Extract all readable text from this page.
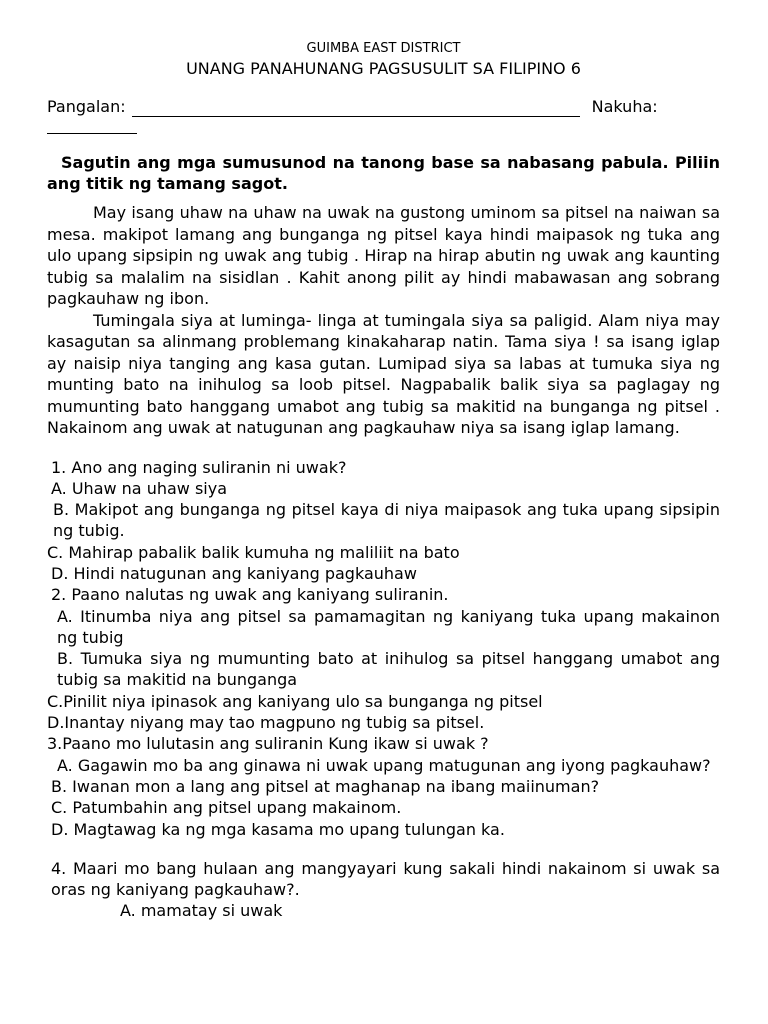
GUIMBA EAST DISTRICT
UNANG PANAHUNANG PAGSUSULIT SA FILIPINO 6
Pangalan:	Nakuha:
Sagutin ang mga sumusunod na tanong base sa nabasang pabula. Piliin ang titik ng tamang sagot.

May isang uhaw na uhaw na uwak na gustong uminom sa pitsel na naiwan sa mesa. makipot lamang ang bunganga ng pitsel kaya hindi maipasok ng tuka ang ulo upang sipsipin ng uwak ang tubig . Hirap na hirap abutin ng uwak ang kaunting tubig sa malalim na sisidlan . Kahit anong pilit ay hindi mabawasan ang sobrang pagkauhaw ng ibon.

Tumingala siya at luminga- linga at tumingala siya sa paligid. Alam niya may kasagutan sa alinmang problemang kinakaharap natin. Tama siya ! sa isang iglap ay naisip niya tanging ang kasa gutan. Lumipad siya sa labas at tumuka siya ng munting bato na inihulog sa loob pitsel. Nagpabalik balik siya sa paglagay ng mumunting bato hanggang umabot ang tubig sa makitid na bunganga ng pitsel . Nakainom ang uwak at natugunan ang pagkauhaw niya sa isang iglap lamang.

1. Ano ang naging suliranin ni uwak?

A. Uhaw na uhaw siya

B. Makipot ang bunganga ng pitsel kaya di niya maipasok ang tuka upang sipsipin ng tubig.

C. Mahirap pabalik balik kumuha ng maliliit na bato

D. Hindi natugunan ang kaniyang pagkauhaw

2. Paano nalutas ng uwak ang kaniyang suliranin.

A. Itinumba niya ang pitsel sa pamamagitan ng kaniyang tuka upang makainon ng tubig

B. Tumuka siya ng mumunting bato at inihulog sa pitsel hanggang umabot ang tubig sa makitid na bunganga

C.Pinilit niya ipinasok ang kaniyang ulo sa bunganga ng pitsel

D.Inantay niyang may tao magpuno ng tubig sa pitsel.

3.Paano mo lulutasin ang suliranin Kung ikaw si uwak ?

A. Gagawin mo ba ang ginawa ni uwak upang matugunan ang iyong pagkauhaw?

B. Iwanan mon a lang ang pitsel at maghanap na ibang maiinuman?

C. Patumbahin ang pitsel upang makainom.

D. Magtawag ka ng mga kasama mo upang tulungan ka.

4. Maari mo bang hulaan ang mangyayari kung sakali hindi nakainom si uwak sa oras ng kaniyang pagkauhaw?.

A. mamatay si uwak
